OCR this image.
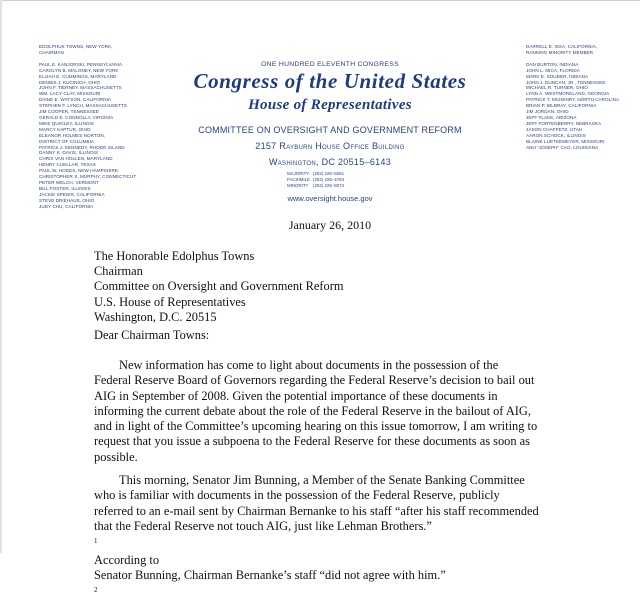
EDOLPHUS TOWNS, NEW YORK,
CHAIRMAN
PAUL E. KANJORSKI, PENNSYLVANIA
CAROLYN B. MALONEY, NEW YORK
ELIJAH E. CUMMINGS, MARYLAND
DENNIS J. KUCINICH, OHIO
JOHN F. TIERNEY, MASSACHUSETTS
WM. LACY CLAY, MISSOURI
DIANE E. WATSON, CALIFORNIA
STEPHEN F. LYNCH, MASSACHUSETTS
JIM COOPER, TENNESSEE
GERALD E. CONNOLLY, VIRGINIA
MIKE QUIGLEY, ILLINOIS
MARCY KAPTUR, OHIO
ELEANOR HOLMES NORTON,
DISTRICT OF COLUMBIA
PATRICK J. KENNEDY, RHODE ISLAND
DANNY K. DAVIS, ILLINOIS
CHRIS VAN HOLLEN, MARYLAND
HENRY CUELLAR, TEXAS
PAUL W. HODES, NEW HAMPSHIRE
CHRISTOPHER S. MURPHY, CONNECTICUT
PETER WELCH, VERMONT
BILL FOSTER, ILLINOIS
JACKIE SPEIER, CALIFORNIA
STEVE DRIEHAUS, OHIO
JUDY CHU, CALIFORNIA
DARRELL E. ISSA, CALIFORNIA,
RANKING MINORITY MEMBER
DAN BURTON, INDIANA
JOHN L. MICA, FLORIDA
MARK E. SOUDER, INDIANA
JOHN J. DUNCAN, JR., TENNESSEE
MICHAEL R. TURNER, OHIO
LYNN A. WESTMORELAND, GEORGIA
PATRICK T. MCHENRY, NORTH CAROLINA
BRIAN P. BILBRAY, CALIFORNIA
JIM JORDAN, OHIO
JEFF FLAKE, ARIZONA
JEFF FORTENBERRY, NEBRASKA
JASON CHAFFETZ, UTAH
AARON SCHOCK, ILLINOIS
BLAINE LUETKEMEYER, MISSOURI
ANH "JOSEPH" CAO, LOUISIANA
ONE HUNDRED ELEVENTH CONGRESS
Congress of the United States
House of Representatives
COMMITTEE ON OVERSIGHT AND GOVERNMENT REFORM
2157 Rayburn House Office Building
Washington, DC 20515–6143
MAJORITY (202) 225–5051
FACSIMILE (202) 225–4784
MINORITY (202) 225–5074
www.oversight.house.gov
January 26, 2010
The Honorable Edolphus Towns
Chairman
Committee on Oversight and Government Reform
U.S. House of Representatives
Washington, D.C. 20515
Dear Chairman Towns:
New information has come to light about documents in the possession of the
Federal Reserve Board of Governors regarding the Federal Reserve’s decision to bail out
AIG in September of 2008. Given the potential importance of these documents in
informing the current debate about the role of the Federal Reserve in the bailout of AIG,
and in light of the Committee’s upcoming hearing on this issue tomorrow, I am writing to
request that you issue a subpoena to the Federal Reserve for these documents as soon as
possible.
This morning, Senator Jim Bunning, a Member of the Senate Banking Committee
who is familiar with documents in the possession of the Federal Reserve, publicly
referred to an e-mail sent by Chairman Bernanke to his staff “after his staff recommended
that the Federal Reserve not touch AIG, just like Lehman Brothers.”
$^1$
According to
Senator Bunning, Chairman Bernanke’s staff “did not agree with him.”
$^2$
